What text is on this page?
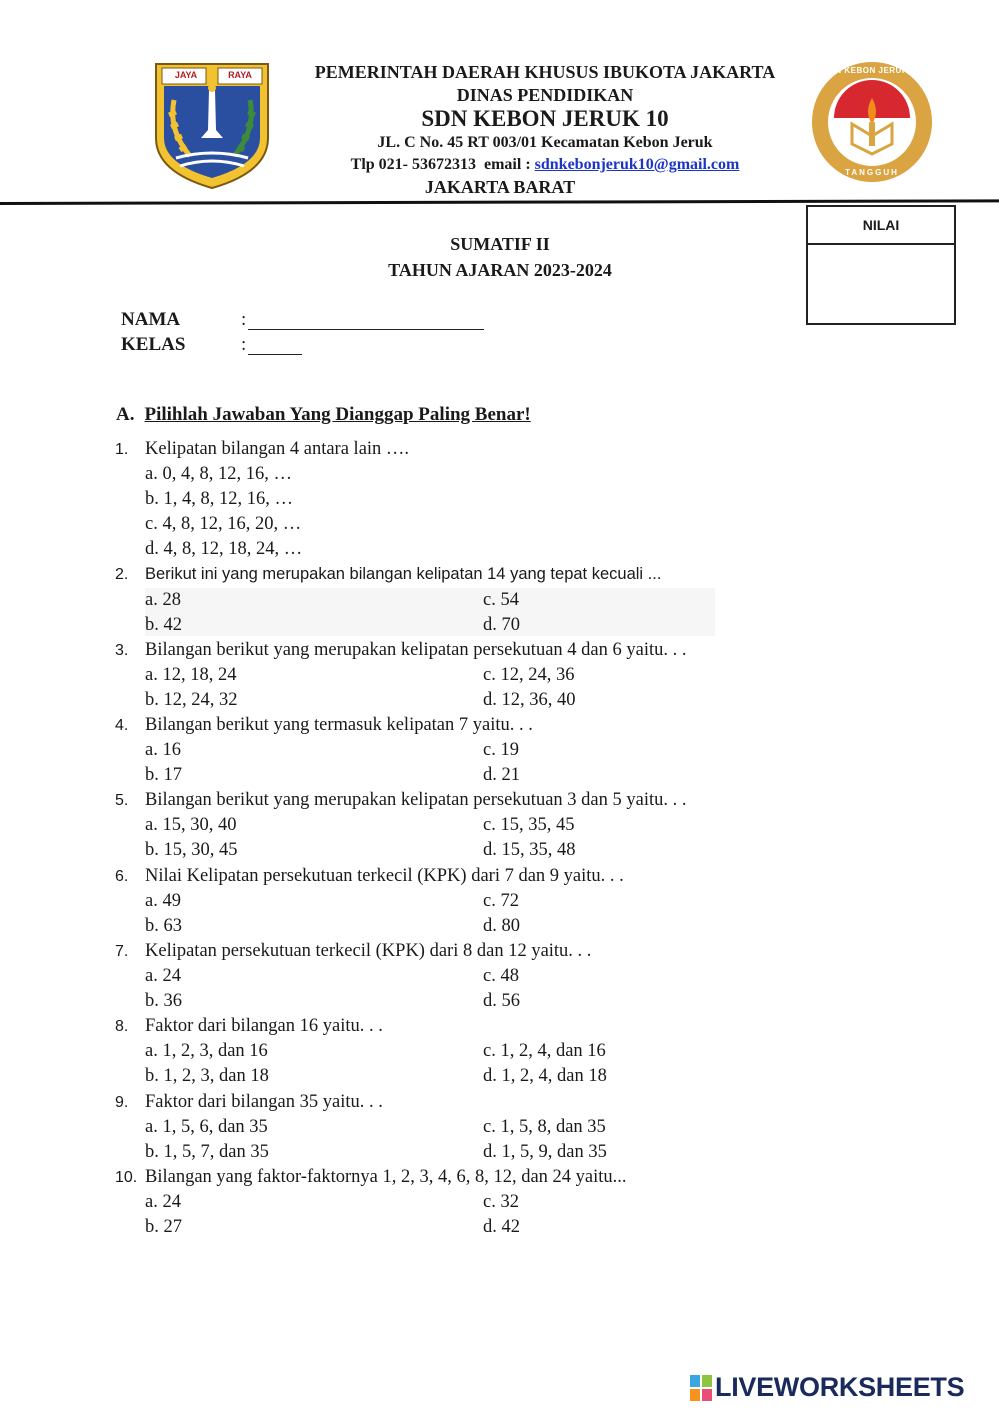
JAYA	RAYA	SDN KEBON JERUK 10
TANGGUH
PEMERINTAH DAERAH KHUSUS IBUKOTA JAKARTA
DINAS PENDIDIKAN
SDN KEBON JERUK 10
JL. C No. 45 RT 003/01 Kecamatan Kebon Jeruk
Tlp 021- 53672313  email : sdnkebonjeruk10@gmail.com
JAKARTA BARAT
NILAI
SUMATIF II
TAHUN AJARAN 2023-2024
NAMA	:
KELAS	:
A. Pilihlah Jawaban Yang Dianggap Paling Benar!
1. Kelipatan bilangan 4 antara lain ….
a. 0, 4, 8, 12, 16, …
b. 1, 4, 8, 12, 16, …
c. 4, 8, 12, 16, 20, …
d. 4, 8, 12, 18, 24, …
2. Berikut ini yang merupakan bilangan kelipatan 14 yang tepat kecuali ...
a. 28	c. 54
b. 42	d. 70
3. Bilangan berikut yang merupakan kelipatan persekutuan 4 dan 6 yaitu. . .
a. 12, 18, 24	c. 12, 24, 36
b. 12, 24, 32	d. 12, 36, 40
4. Bilangan berikut yang termasuk kelipatan 7 yaitu. . .
a. 16	c. 19
b. 17	d. 21
5. Bilangan berikut yang merupakan kelipatan persekutuan 3 dan 5 yaitu. . .
a. 15, 30, 40	c. 15, 35, 45
b. 15, 30, 45	d. 15, 35, 48
6. Nilai Kelipatan persekutuan terkecil (KPK) dari 7 dan 9 yaitu. . .
a. 49	c. 72
b. 63	d. 80
7. Kelipatan persekutuan terkecil (KPK) dari 8 dan 12 yaitu. . .
a. 24	c. 48
b. 36	d. 56
8. Faktor dari bilangan 16 yaitu. . .
a. 1, 2, 3, dan 16	c. 1, 2, 4, dan 16
b. 1, 2, 3, dan 18	d. 1, 2, 4, dan 18
9. Faktor dari bilangan 35 yaitu. . .
a. 1, 5, 6, dan 35	c. 1, 5, 8, dan 35
b. 1, 5, 7, dan 35	d. 1, 5, 9, dan 35
10. Bilangan yang faktor-faktornya 1, 2, 3, 4, 6, 8, 12, dan 24 yaitu...
a. 24	c. 32
b. 27	d. 42
LIVEWORKSHEETS
